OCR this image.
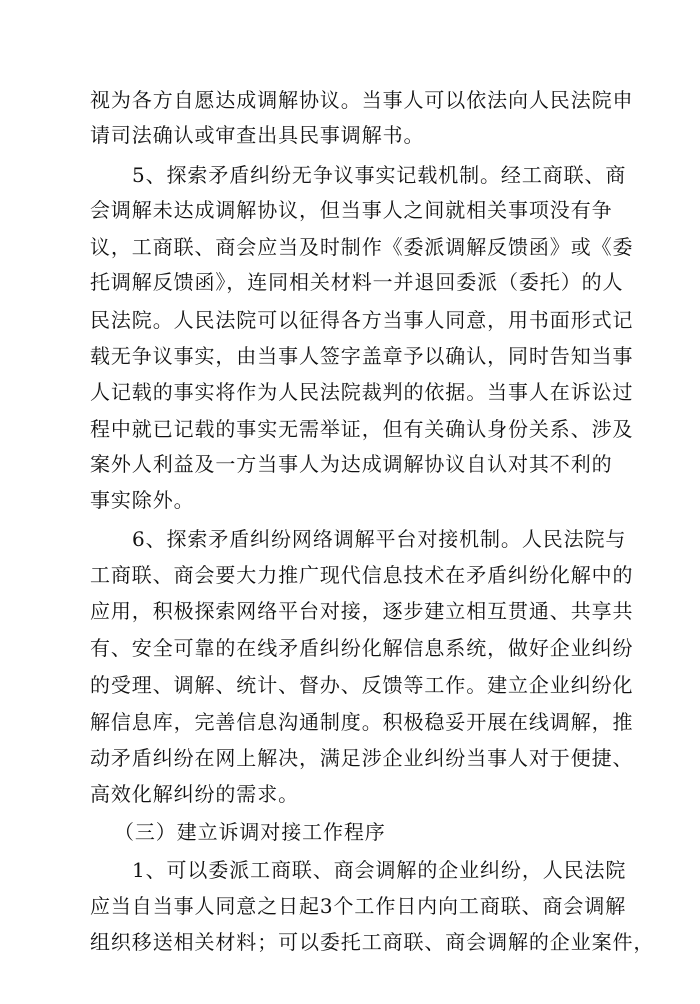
视为各方自愿达成调解协议。当事人可以依法向人民法院申
请司法确认或审查出具民事调解书。
5、探索矛盾纠纷无争议事实记载机制。经工商联、商
会调解未达成调解协议，但当事人之间就相关事项没有争
议，工商联、商会应当及时制作《委派调解反馈函》或《委
托调解反馈函》，连同相关材料一并退回委派（委托）的人
民法院。人民法院可以征得各方当事人同意，用书面形式记
载无争议事实，由当事人签字盖章予以确认，同时告知当事
人记载的事实将作为人民法院裁判的依据。当事人在诉讼过
程中就已记载的事实无需举证，但有关确认身份关系、涉及
案外人利益及一方当事人为达成调解协议自认对其不利的
事实除外。
6、探索矛盾纠纷网络调解平台对接机制。人民法院与
工商联、商会要大力推广现代信息技术在矛盾纠纷化解中的
应用，积极探索网络平台对接，逐步建立相互贯通、共享共
有、安全可靠的在线矛盾纠纷化解信息系统，做好企业纠纷
的受理、调解、统计、督办、反馈等工作。建立企业纠纷化
解信息库，完善信息沟通制度。积极稳妥开展在线调解，推
动矛盾纠纷在网上解决，满足涉企业纠纷当事人对于便捷、
高效化解纠纷的需求。
（三）建立诉调对接工作程序
1、可以委派工商联、商会调解的企业纠纷，人民法院
应当自当事人同意之日起3个工作日内向工商联、商会调解
组织移送相关材料；可以委托工商联、商会调解的企业案件，
